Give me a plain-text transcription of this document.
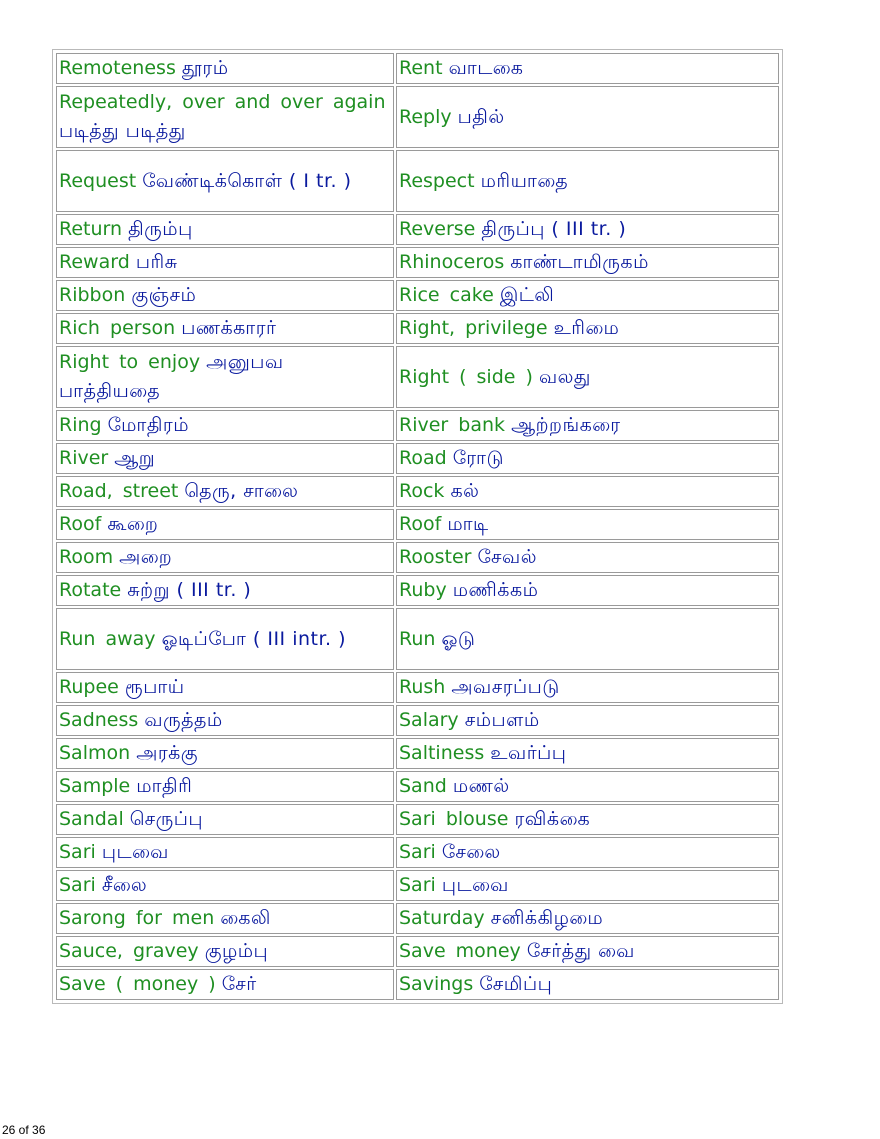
Remoteness தூரம்	Rent வாடகை
Repeatedly, over and over again படித்து படித்து	Reply பதில்
Request வேண்டிக்கொள் ( I tr. )	Respect மரியாதை
Return திரும்பு	Reverse திருப்பு ( III tr. )
Reward பரிசு	Rhinoceros காண்டாமிருகம்
Ribbon குஞ்சம்	Rice cake இட்லி
Rich person பணக்காரர்	Right, privilege உரிமை
Right to enjoy அனுபவ பாத்தியதை	Right ( side ) வலது
Ring மோதிரம்	River bank ஆற்றங்கரை
River ஆறு	Road ரோடு
Road, street தெரு, சாலை	Rock கல்
Roof கூறை	Roof மாடி
Room அறை	Rooster சேவல்
Rotate சுற்று ( III tr. )	Ruby மணிக்கம்
Run away ஓடிப்போ ( III intr. )	Run ஓடு
Rupee ரூபாய்	Rush அவசரப்படு
Sadness வருத்தம்	Salary சம்பளம்
Salmon அரக்கு	Saltiness உவர்ப்பு
Sample மாதிரி	Sand மணல்
Sandal செருப்பு	Sari blouse ரவிக்கை
Sari புடவை	Sari சேலை
Sari சீலை	Sari புடவை
Sarong for men கைலி	Saturday சனிக்கிழமை
Sauce, gravey குழம்பு	Save money சேர்த்து வை
Save ( money ) சேர்	Savings சேமிப்பு
26 of 36
